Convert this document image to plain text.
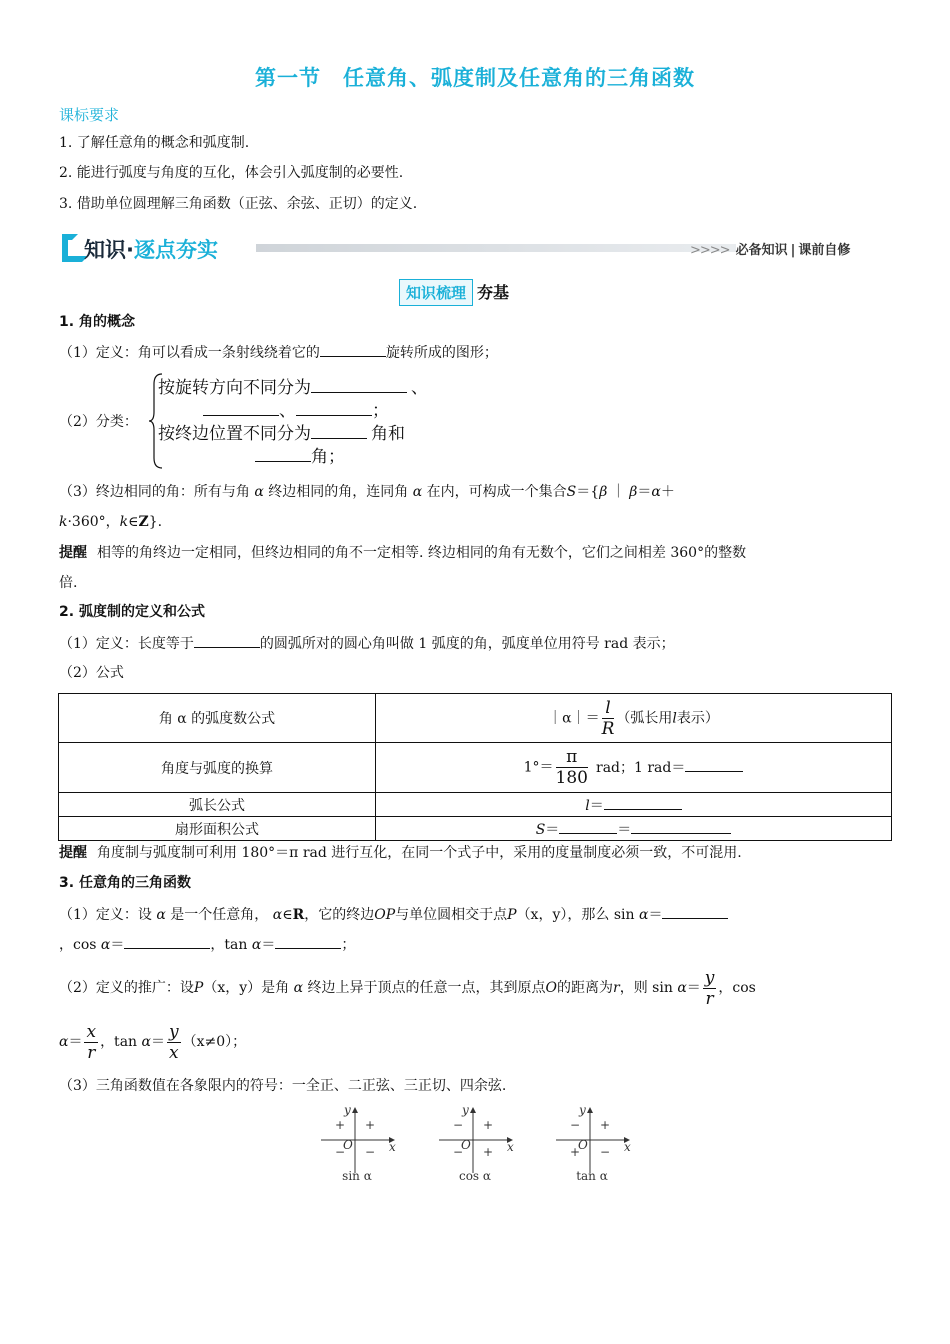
第一节　任意角、弧度制及任意角的三角函数
课标要求
1. 了解任意角的概念和弧度制.
2. 能进行弧度与角度的互化，体会引入弧度制的必要性.
3. 借助单位圆理解三角函数（正弦、余弦、正切）的定义.
知识·逐点夯实	>>>> 必备知识 | 课前自修
知识梳理 夯基
1. 角的概念
（1）定义：角可以看成一条射线绕着它的	旋转所成的图形；
（2）分类：
按旋转方向不同分为	、
、	；
按终边位置不同分为	角和
角；
（3）终边相同的角：所有与角 α 终边相同的角，连同角 α 在内，可构成一个集合S＝{β ｜ β＝α＋
k·360°，k∈Z}.
提醒 相等的角终边一定相同，但终边相同的角不一定相等. 终边相同的角有无数个，它们之间相差 360°的整数
倍.
2. 弧度制的定义和公式
（1）定义：长度等于	的圆弧所对的圆心角叫做 1 弧度的角，弧度单位用符号 rad 表示；
（2）公式
角 α 的弧度数公式	｜α｜＝ $\frac{l}{R}$ （弧长用l表示）
角度与弧度的换算	$1^\circ= \frac{\pi}{180}$ rad；1 rad＝
弧长公式	l＝
扇形面积公式	S＝ ＝
提醒 角度制与弧度制可利用 180°＝π rad 进行互化，在同一个式子中，采用的度量制度必须一致，不可混用.
3. 任意角的三角函数
（1）定义：设 α 是一个任意角， α∈R，它的终边OP与单位圆相交于点P（x，y），那么 sin α＝
，cos α＝	，tan α＝	；
（2）定义的推广：设P（x，y）是角 α 终边上异于顶点的任意一点，其到原点O的距离为r，则 $\sin \alpha= \frac{y}{r}$ ，cos
$\alpha= \frac{x}{r}$ ，$\tan \alpha= \frac{y}{x} (x\ne 0)$；
（3）三角函数值在各象限内的符号：一全正、二正弦、三正切、四余弦.
y
x
O
+
+
− −
sin α
y
x
O
+
−
− +
cos α
y
x
O
+
−
+ −
tan α
